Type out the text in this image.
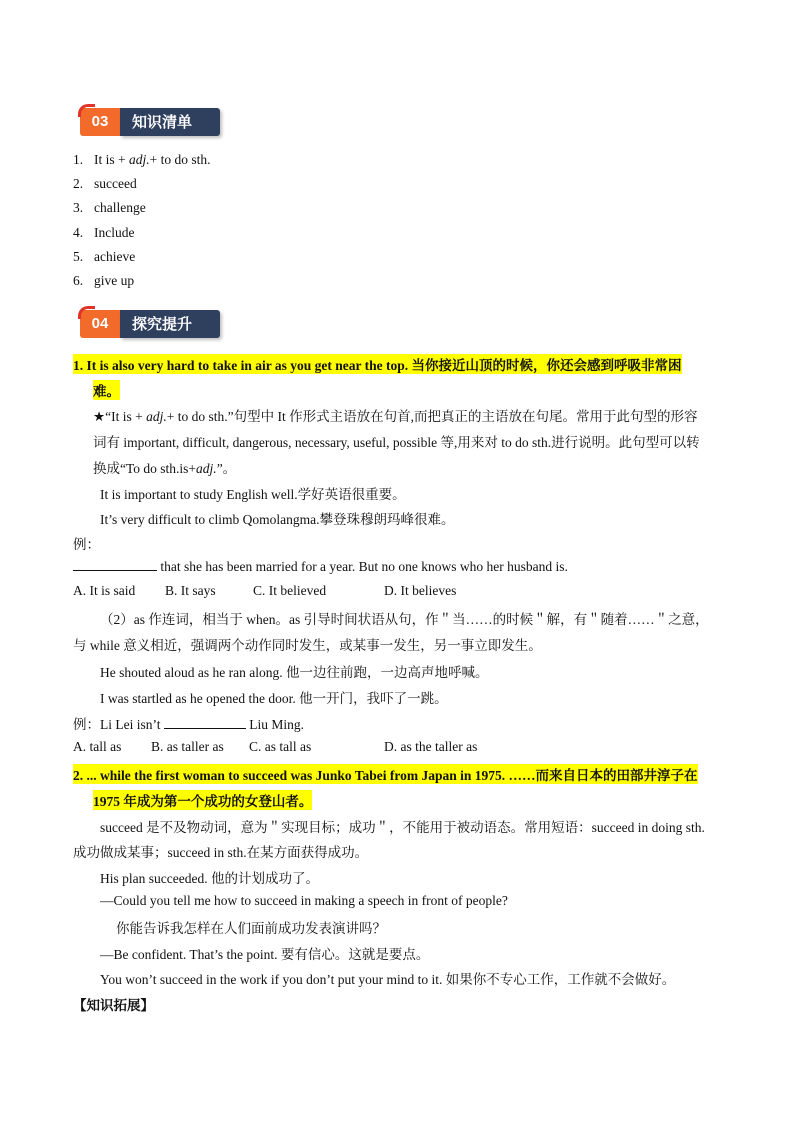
03	知识清单
1. It is + adj.+ to do sth.
2. succeed
3. challenge
4. Include
5. achieve
6. give up
04	探究提升
1. It is also very hard to take in air as you get near the top. 当你接近山顶的时候，你还会感到呼吸非常困
难。
★“It is + adj.+ to do sth.”句型中 It 作形式主语放在句首,而把真正的主语放在句尾。常用于此句型的形容
词有 important, difficult, dangerous, necessary, useful, possible 等,用来对 to do sth.进行说明。此句型可以转
换成“To do sth.is+adj.”。
It is important to study English well.学好英语很重要。
It’s very difficult to climb Qomolangma.攀登珠穆朗玛峰很难。
例：
that she has been married for a year. But no one knows who her husband is.
A. It is said B. It says	C. It believed	D. It believes
（2）as 作连词，相当于 when。as 引导时间状语从句，作＂当……的时候＂解，有＂随着……＂之意，
与 while 意义相近，强调两个动作同时发生，或某事一发生，另一事立即发生。
He shouted aloud as he ran along. 他一边往前跑，一边高声地呼喊。
I was startled as he opened the door. 他一开门，我吓了一跳。
例：Li Lei isn’t	Liu Ming.
A. tall as B. as taller as C. as tall as	D. as the taller as
2. ... while the first woman to succeed was Junko Tabei from Japan in 1975. ……而来自日本的田部井淳子在
1975 年成为第一个成功的女登山者。
succeed 是不及物动词，意为＂实现目标；成功＂，不能用于被动语态。常用短语：succeed in doing sth.
成功做成某事；succeed in sth.在某方面获得成功。
His plan succeeded. 他的计划成功了。
—Could you tell me how to succeed in making a speech in front of people?
你能告诉我怎样在人们面前成功发表演讲吗？
—Be confident. That’s the point. 要有信心。这就是要点。
You won’t succeed in the work if you don’t put your mind to it. 如果你不专心工作，工作就不会做好。
【知识拓展】
